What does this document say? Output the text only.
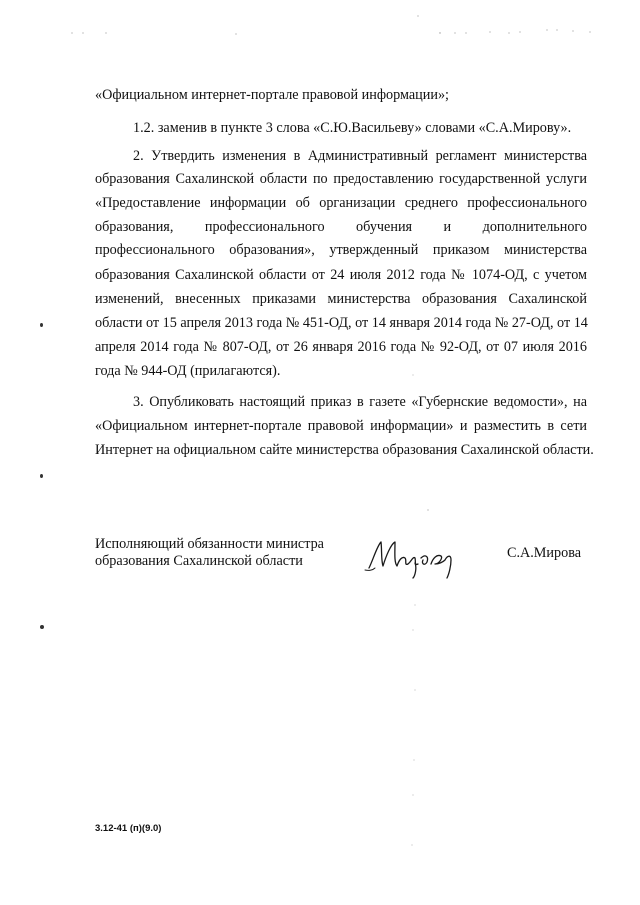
«Официальном интернет-портале правовой информации»;
1.2. заменив в пункте 3 слова «С.Ю.Васильеву» словами «С.А.Мирову».
2. Утвердить изменения в Административный регламент министерства
образования Сахалинской области по предоставлению государственной услуги
«Предоставление информации об организации среднего профессионального
образования, профессионального обучения и дополнительного
профессионального образования», утвержденный приказом министерства
образования Сахалинской области от 24 июля 2012 года № 1074-ОД, с учетом
изменений, внесенных приказами министерства образования Сахалинской
области от 15 апреля 2013 года № 451-ОД, от 14 января 2014 года № 27-ОД, от 14
апреля 2014 года № 807-ОД, от 26 января 2016 года № 92-ОД, от 07 июля 2016
года № 944-ОД (прилагаются).
3. Опубликовать настоящий приказ в газете «Губернские ведомости», на
«Официальном интернет-портале правовой информации» и разместить в сети
Интернет на официальном сайте министерства образования Сахалинской области.
Исполняющий обязанности министра
образования Сахалинской области	С.А.Мирова
3.12-41 (п)(9.0)
